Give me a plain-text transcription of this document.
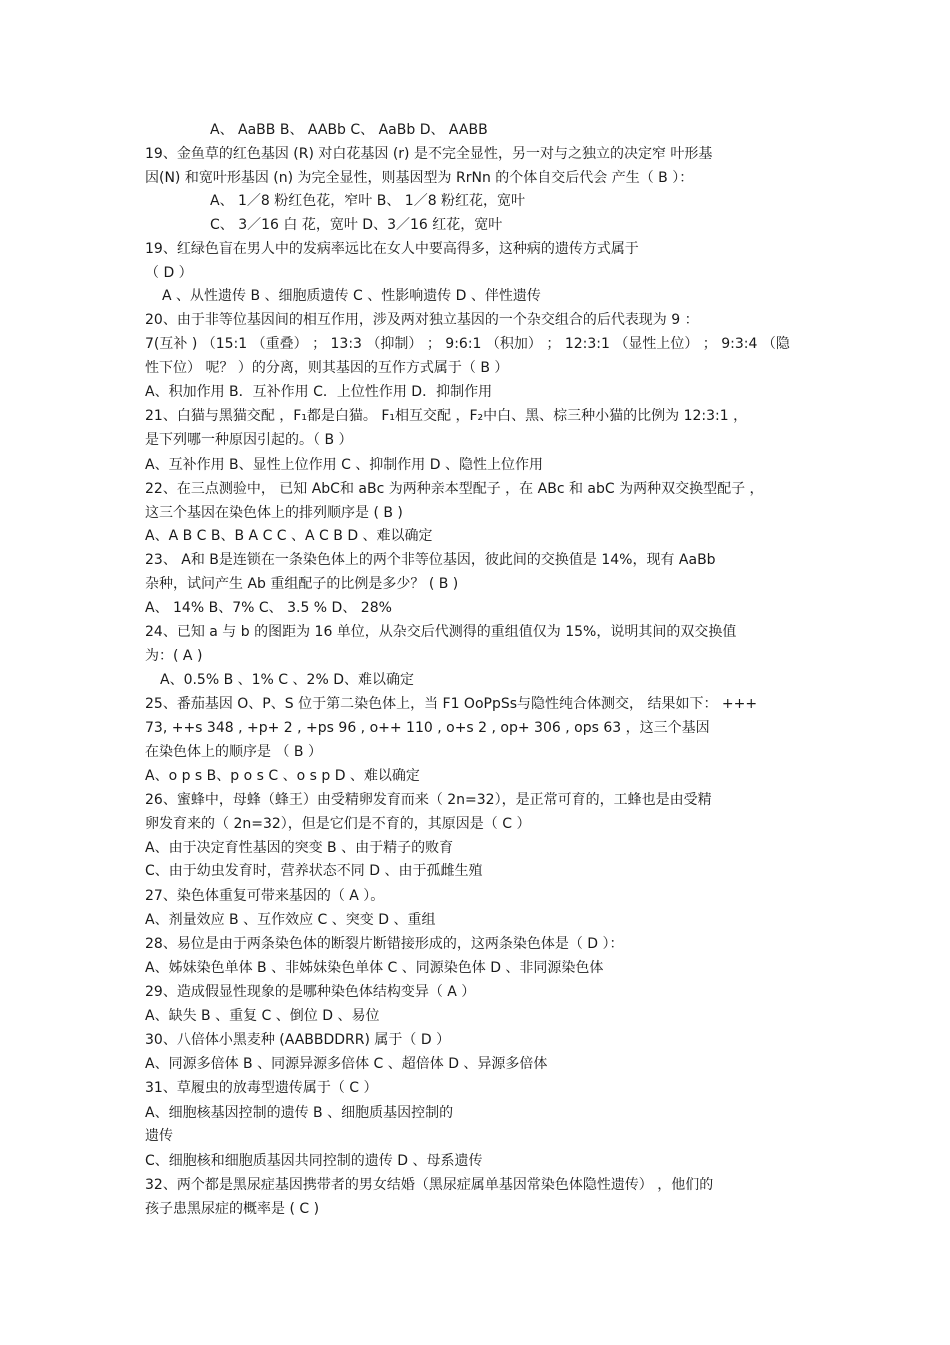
A、 AaBB B、 AABb C、 AaBb D、 AABB
19、金鱼草的红色基因 (R) 对白花基因 (r) 是不完全显性，另一对与之独立的决定窄 叶形基
因(N) 和宽叶形基因 (n) 为完全显性，则基因型为 RrNn 的个体自交后代会 产生（ B ）：
A、 1／8 粉红色花，窄叶 B、 1／8 粉红花，宽叶
C、 3／16 白 花，宽叶 D、3／16 红花，宽叶
19、红绿色盲在男人中的发病率远比在女人中要高得多，这种病的遗传方式属于
（ D ）
A 、从性遗传 B 、细胞质遗传 C 、性影响遗传 D 、伴性遗传
20、由于非等位基因间的相互作用，涉及两对独立基因的一个杂交组合的后代表现为 9 ：
7(互补 ) （15:1 （重叠） ； 13:3 （抑制） ； 9:6:1 （积加） ； 12:3:1 （显性上位） ； 9:3:4 （隐
性下位） 呢？ ）的分离，则其基因的互作方式属于（ B ）
A、积加作用 B．互补作用 C．上位性作用 D．抑制作用
21、白猫与黑猫交配 ，F₁都是白猫。 F₁相互交配 ，F₂中白、黑、棕三种小猫的比例为 12:3:1 ，
是下列哪一种原因引起的。（ B ）
A、互补作用 B、显性上位作用 C 、抑制作用 D 、隐性上位作用
22、在三点测验中， 已知 AbC和 aBc 为两种亲本型配子 ，在 ABc 和 abC 为两种双交换型配子 ，
这三个基因在染色体上的排列顺序是 ( B )
A、A B C B、B A C C 、A C B D 、难以确定
23、 A和 B是连锁在一条染色体上的两个非等位基因，彼此间的交换值是 14%，现有 AaBb
杂种，试问产生 Ab 重组配子的比例是多少？ ( B )
A、 14% B、7% C、 3.5 % D、 28%
24、已知 a 与 b 的图距为 16 单位，从杂交后代测得的重组值仅为 15%，说明其间的双交换值
为：( A )
A、0.5% B 、1% C 、2% D、难以确定
25、番茄基因 O、P、S 位于第二染色体上，当 F1 OoPpSs与隐性纯合体测交， 结果如下： +++
73, ++s 348 , +p+ 2 , +ps 96 , o++ 110 , o+s 2 , op+ 306 , ops 63 ，这三个基因
在染色体上的顺序是 （ B ）
A、o p s B、p o s C 、o s p D 、难以确定
26、蜜蜂中，母蜂（蜂王）由受精卵发育而来（ 2n=32），是正常可育的，工蜂也是由受精
卵发育来的（ 2n=32），但是它们是不育的，其原因是（ C ）
A、由于决定育性基因的突变 B 、由于精子的败育
C、由于幼虫发育时，营养状态不同 D 、由于孤雌生殖
27、染色体重复可带来基因的（ A ）。
A、剂量效应 B 、互作效应 C 、突变 D 、重组
28、易位是由于两条染色体的断裂片断错接形成的，这两条染色体是（ D ）：
A、姊妹染色单体 B 、非姊妹染色单体 C 、同源染色体 D 、非同源染色体
29、造成假显性现象的是哪种染色体结构变异（ A ）
A、缺失 B 、重复 C 、倒位 D 、易位
30、八倍体小黑麦种 (AABBDDRR) 属于（ D ）
A、同源多倍体 B 、同源异源多倍体 C 、超倍体 D 、异源多倍体
31、草履虫的放毒型遗传属于（ C ）
A、细胞核基因控制的遗传 B 、细胞质基因控制的
遗传
C、细胞核和细胞质基因共同控制的遗传 D 、母系遗传
32、两个都是黑尿症基因携带者的男女结婚（黑尿症属单基因常染色体隐性遗传） ，他们的
孩子患黑尿症的概率是 ( C )
